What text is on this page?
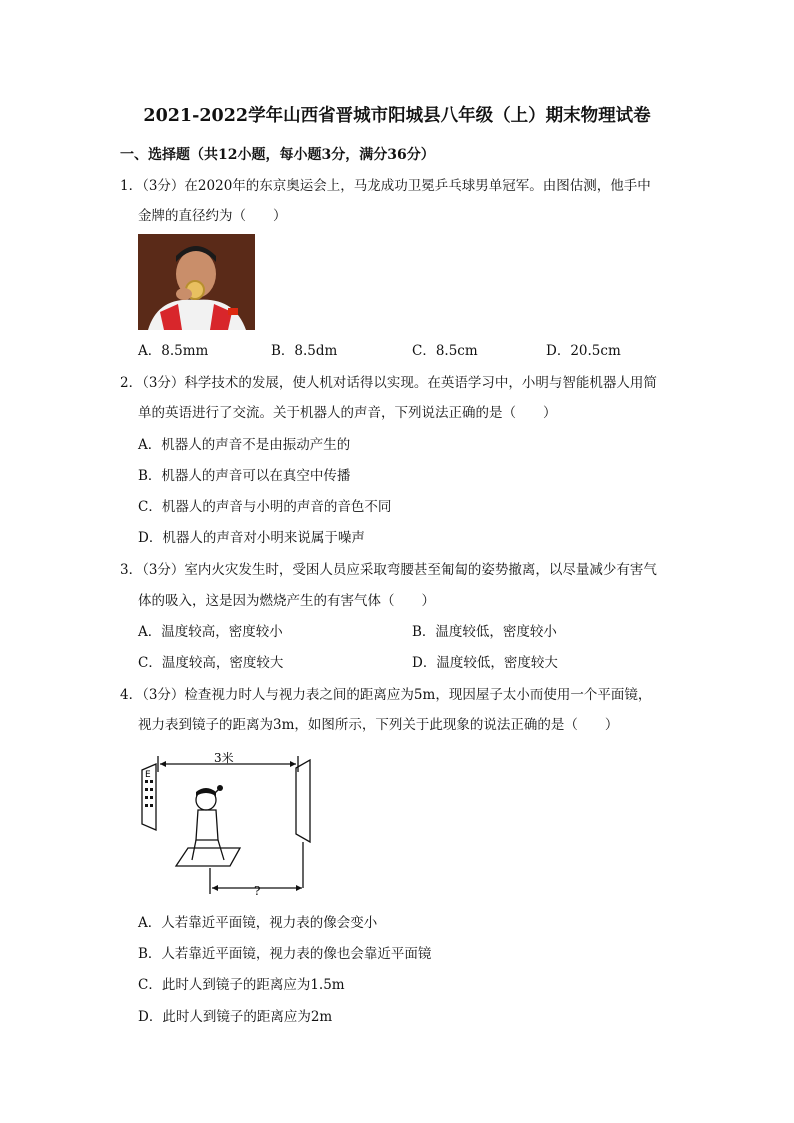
2021-2022学年山西省晋城市阳城县八年级（上）期末物理试卷
一、选择题（共12小题，每小题3分，满分36分）
1．（3分）在2020年的东京奥运会上，马龙成功卫冕乒乓球男单冠军。由图估测，他手中
金牌的直径约为（　　）
A．8.5mm	B．8.5dm	C．8.5cm	D．20.5cm
2．（3分）科学技术的发展，使人机对话得以实现。在英语学习中，小明与智能机器人用简
单的英语进行了交流。关于机器人的声音，下列说法正确的是（　　）
A．机器人的声音不是由振动产生的
B．机器人的声音可以在真空中传播
C．机器人的声音与小明的声音的音色不同
D．机器人的声音对小明来说属于噪声
3．（3分）室内火灾发生时，受困人员应采取弯腰甚至匍匐的姿势撤离，以尽量减少有害气
体的吸入，这是因为燃烧产生的有害气体（　　）
A．温度较高，密度较小	B．温度较低，密度较小
C．温度较高，密度较大	D．温度较低，密度较大
4．（3分）检查视力时人与视力表之间的距离应为5m，现因屋子太小而使用一个平面镜，
视力表到镜子的距离为3m，如图所示，下列关于此现象的说法正确的是（　　）
E
3米
?
A．人若靠近平面镜，视力表的像会变小
B．人若靠近平面镜，视力表的像也会靠近平面镜
C．此时人到镜子的距离应为1.5m
D．此时人到镜子的距离应为2m
